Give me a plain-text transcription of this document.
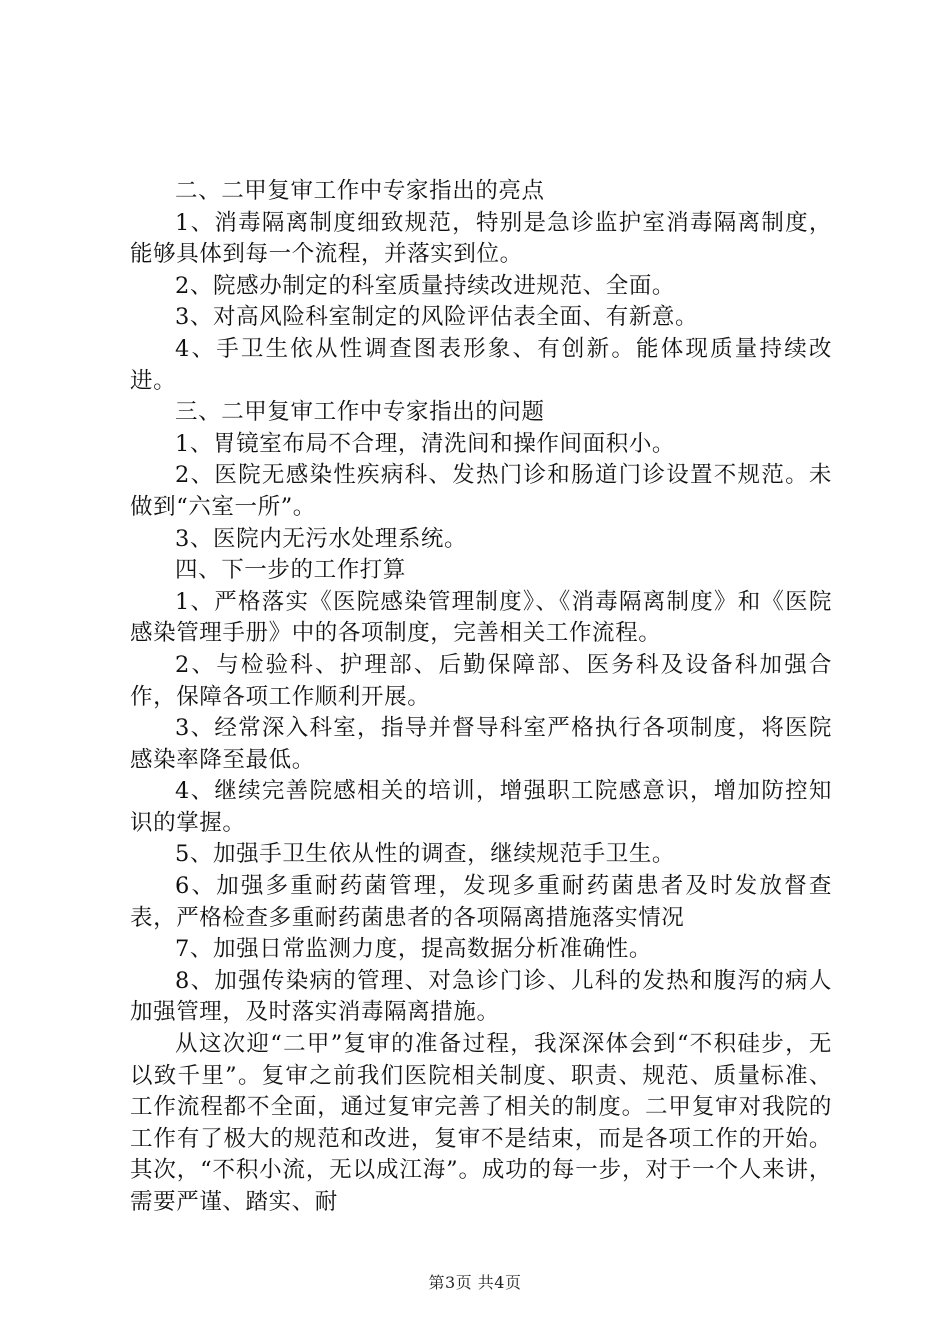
二、二甲复审工作中专家指出的亮点

1、消毒隔离制度细致规范，特别是急诊监护室消毒隔离制度，能够具体到每一个流程，并落实到位。

2、院感办制定的科室质量持续改进规范、全面。

3、对高风险科室制定的风险评估表全面、有新意。

4、手卫生依从性调查图表形象、有创新。能体现质量持续改进。

三、二甲复审工作中专家指出的问题

1、胃镜室布局不合理，清洗间和操作间面积小。

2、医院无感染性疾病科、发热门诊和肠道门诊设置不规范。未做到“六室一所”。

3、医院内无污水处理系统。

四、下一步的工作打算

1、严格落实《医院感染管理制度》、《消毒隔离制度》和《医院感染管理手册》中的各项制度，完善相关工作流程。

2、与检验科、护理部、后勤保障部、医务科及设备科加强合作，保障各项工作顺利开展。

3、经常深入科室，指导并督导科室严格执行各项制度，将医院感染率降至最低。

4、继续完善院感相关的培训，增强职工院感意识，增加防控知识的掌握。

5、加强手卫生依从性的调查，继续规范手卫生。

6、加强多重耐药菌管理，发现多重耐药菌患者及时发放督查表，严格检查多重耐药菌患者的各项隔离措施落实情况

7、加强日常监测力度，提高数据分析准确性。

8、加强传染病的管理、对急诊门诊、儿科的发热和腹泻的病人加强管理，及时落实消毒隔离措施。

从这次迎“二甲”复审的准备过程，我深深体会到“不积硅步，无以致千里”。复审之前我们医院相关制度、职责、规范、质量标准、工作流程都不全面，通过复审完善了相关的制度。二甲复审对我院的工作有了极大的规范和改进，复审不是结束，而是各项工作的开始。其次，“不积小流，无以成江海”。成功的每一步，对于一个人来讲，需要严谨、踏实、耐

第3页 共4页
